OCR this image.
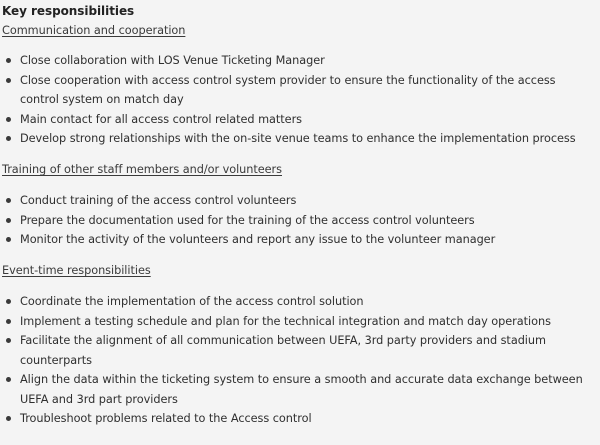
Key responsibilities
Communication and cooperation
Close collaboration with LOS Venue Ticketing Manager
Close cooperation with access control system provider to ensure the functionality of the access control system on match day
Main contact for all access control related matters
Develop strong relationships with the on-site venue teams to enhance the implementation process
Training of other staff members and/or volunteers
Conduct training of the access control volunteers
Prepare the documentation used for the training of the access control volunteers
Monitor the activity of the volunteers and report any issue to the volunteer manager
Event-time responsibilities
Coordinate the implementation of the access control solution
Implement a testing schedule and plan for the technical integration and match day operations
Facilitate the alignment of all communication between UEFA, 3rd party providers and stadium counterparts
Align the data within the ticketing system to ensure a smooth and accurate data exchange between UEFA and 3rd part providers
Troubleshoot problems related to the Access control
